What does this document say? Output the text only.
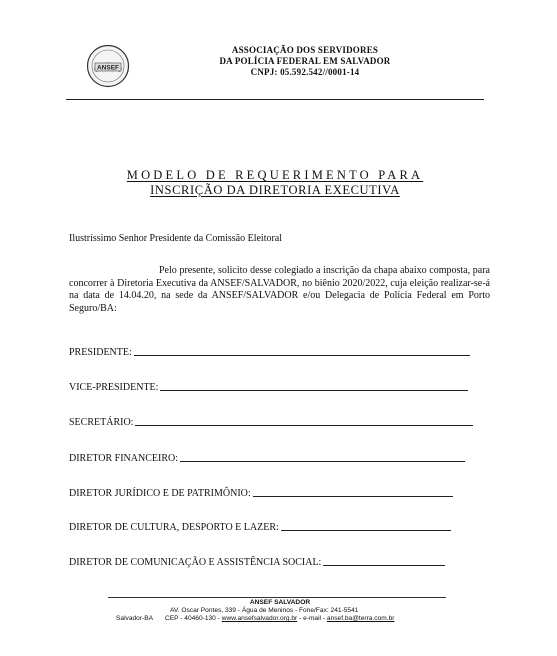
ANSEF
ASSOCIAÇÃO DOS SERVIDORES
DA POLÍCIA FEDERAL EM SALVADOR
CNPJ: 05.592.542//0001-14
MODELO DE REQUERIMENTO PARA
INSCRIÇÃO DA DIRETORIA EXECUTIVA
Ilustríssimo Senhor Presidente da Comissão Eleitoral
Pelo presente, solicito desse colegiado a inscrição da chapa abaixo composta, para concorrer à Diretoria Executiva da ANSEF/SALVADOR, no biênio 2020/2022, cuja eleição realizar-se-á na data de 14.04.20, na sede da ANSEF/SALVADOR e/ou Delegacia de Polícia Federal em Porto Seguro/BA:
PRESIDENTE:
VICE-PRESIDENTE:
SECRETÁRIO:
DIRETOR FINANCEIRO:
DIRETOR JURÍDICO E DE PATRIMÔNIO:
DIRETOR DE CULTURA, DESPORTO E LAZER:
DIRETOR DE COMUNICAÇÃO E ASSISTÊNCIA SOCIAL:
ANSEF SALVADOR
AV. Oscar Pontes, 339 - Água de Meninos - Fone/Fax: 241-5541
Salvador-BA CEP - 40460-130 - www.ansefsalvador.org.br - e-mail - ansef.ba@terra.com.br
